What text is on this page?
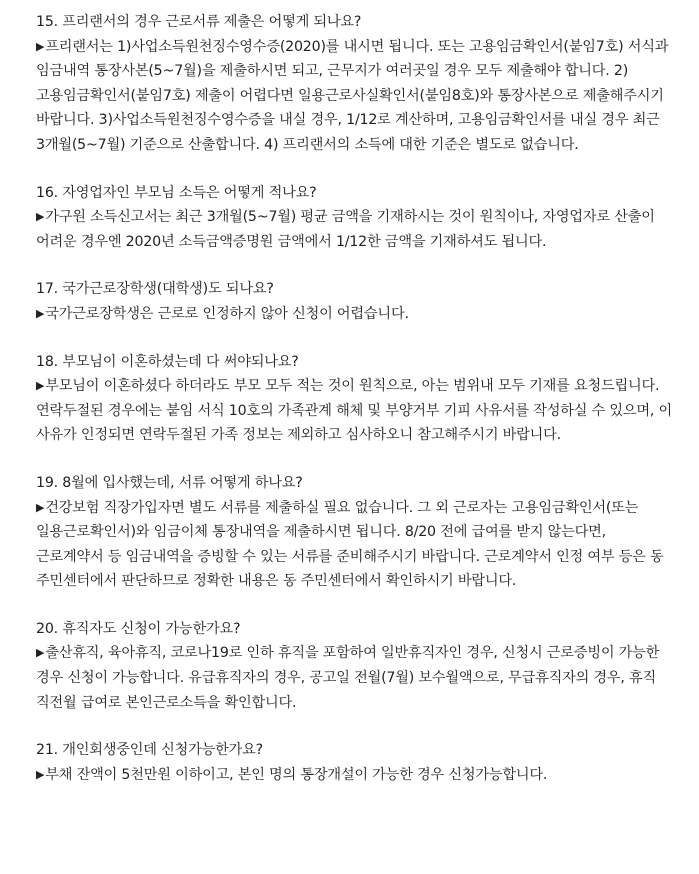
15. 프리랜서의 경우 근로서류 제출은 어떻게 되나요?

▶프리랜서는 1)사업소득원천징수영수증(2020)를 내시면 됩니다. 또는 고용임금확인서(붙임7호) 서식과 임금내역 통장사본(5~7월)을 제출하시면 되고, 근무지가 여러곳일 경우 모두 제출해야 합니다. 2)고용임금확인서(붙임7호) 제출이 어렵다면 일용근로사실확인서(붙임8호)와 통장사본으로 제출해주시기 바랍니다. 3)사업소득원천징수영수증을 내실 경우, 1/12로 계산하며, 고용임금확인서를 내실 경우 최근 3개월(5~7월) 기준으로 산출합니다. 4) 프리랜서의 소득에 대한 기준은 별도로 없습니다.

16. 자영업자인 부모님 소득은 어떻게 적나요?

▶가구원 소득신고서는 최근 3개월(5~7월) 평균 금액을 기재하시는 것이 원칙이나, 자영업자로 산출이 어려운 경우엔 2020년 소득금액증명원 금액에서 1/12한 금액을 기재하셔도 됩니다.

17. 국가근로장학생(대학생)도 되나요?

▶국가근로장학생은 근로로 인정하지 않아 신청이 어렵습니다.

18. 부모님이 이혼하셨는데 다 써야되나요?

▶부모님이 이혼하셨다 하더라도 부모 모두 적는 것이 원칙으로, 아는 범위내 모두 기재를 요청드립니다. 연락두절된 경우에는 붙임 서식 10호의 가족관계 해체 및 부양거부 기피 사유서를 작성하실 수 있으며, 이 사유가 인정되면 연락두절된 가족 정보는 제외하고 심사하오니 참고해주시기 바랍니다.

19. 8월에 입사했는데, 서류 어떻게 하나요?

▶건강보험 직장가입자면 별도 서류를 제출하실 필요 없습니다. 그 외 근로자는 고용임금확인서(또는 일용근로확인서)와 임금이체 통장내역을 제출하시면 됩니다. 8/20 전에 급여를 받지 않는다면, 근로계약서 등 임금내역을 증빙할 수 있는 서류를 준비해주시기 바랍니다. 근로계약서 인정 여부 등은 동 주민센터에서 판단하므로 정확한 내용은 동 주민센터에서 확인하시기 바랍니다.

20. 휴직자도 신청이 가능한가요?

▶출산휴직, 육아휴직, 코로나19로 인하 휴직을 포함하여 일반휴직자인 경우, 신청시 근로증빙이 가능한 경우 신청이 가능합니다. 유급휴직자의 경우, 공고일 전월(7월) 보수월액으로, 무급휴직자의 경우, 휴직 직전월 급여로 본인근로소득을 확인합니다.

21. 개인회생중인데 신청가능한가요?

▶부채 잔액이 5천만원 이하이고, 본인 명의 통장개설이 가능한 경우 신청가능합니다.
